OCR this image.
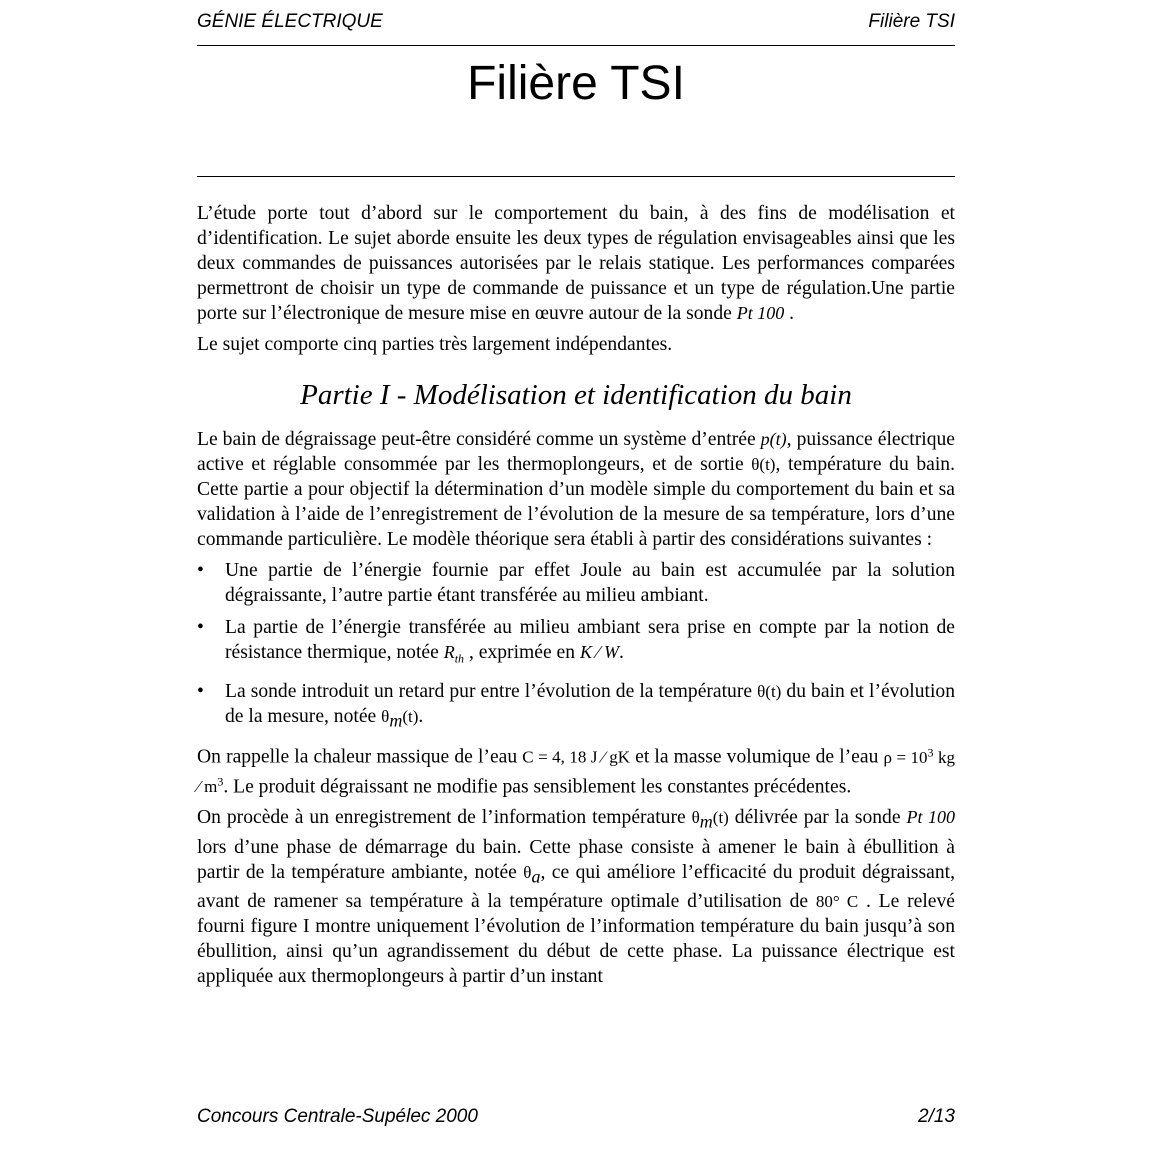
GÉNIE ÉLECTRIQUE	Filière TSI
Filière TSI

L’étude porte tout d’abord sur le comportement du bain, à des fins de modélisation et d’identification. Le sujet aborde ensuite les deux types de régulation envisageables ainsi que les deux commandes de puissances autorisées par le relais statique. Les performances comparées permettront de choisir un type de commande de puissance et un type de régulation.Une partie porte sur l’électronique de mesure mise en œuvre autour de la sonde Pt 100 .

Le sujet comporte cinq parties très largement indépendantes.

Partie I - Modélisation et identification du bain

Le bain de dégraissage peut-être considéré comme un système d’entrée p(t), puissance électrique active et réglable consommée par les thermoplongeurs, et de sortie θ(t), température du bain. Cette partie a pour objectif la détermination d’un modèle simple du comportement du bain et sa validation à l’aide de l’enregistrement de l’évolution de la mesure de sa température, lors d’une commande particulière. Le modèle théorique sera établi à partir des considérations suivantes :

• Une partie de l’énergie fournie par effet Joule au bain est accumulée par la solution dégraissante, l’autre partie étant transférée au milieu ambiant.
• La partie de l’énergie transférée au milieu ambiant sera prise en compte par la notion de résistance thermique, notée $R_{th}$ , exprimée en K ⁄ W.
• La sonde introduit un retard pur entre l’évolution de la température θ(t) du bain et l’évolution de la mesure, notée $\theta_m(t)$.

On rappelle la chaleur massique de l’eau C = 4, 18 J ⁄ gK et la masse volumique de l’eau $\rho = 10^3$ kg ⁄ $m^3$. Le produit dégraissant ne modifie pas sensiblement les constantes précédentes.

On procède à un enregistrement de l’information température $\theta_m(t)$ délivrée par la sonde Pt 100 lors d’une phase de démarrage du bain. Cette phase consiste à amener le bain à ébullition à partir de la température ambiante, notée $\theta_a$, ce qui améliore l’efficacité du produit dégraissant, avant de ramener sa température à la température optimale d’utilisation de 80° C . Le relevé fourni figure I montre uniquement l’évolution de l’information température du bain jusqu’à son ébullition, ainsi qu’un agrandissement du début de cette phase. La puissance électrique est appliquée aux thermoplongeurs à partir d’un instant

Concours Centrale-Supélec 2000	2/13
